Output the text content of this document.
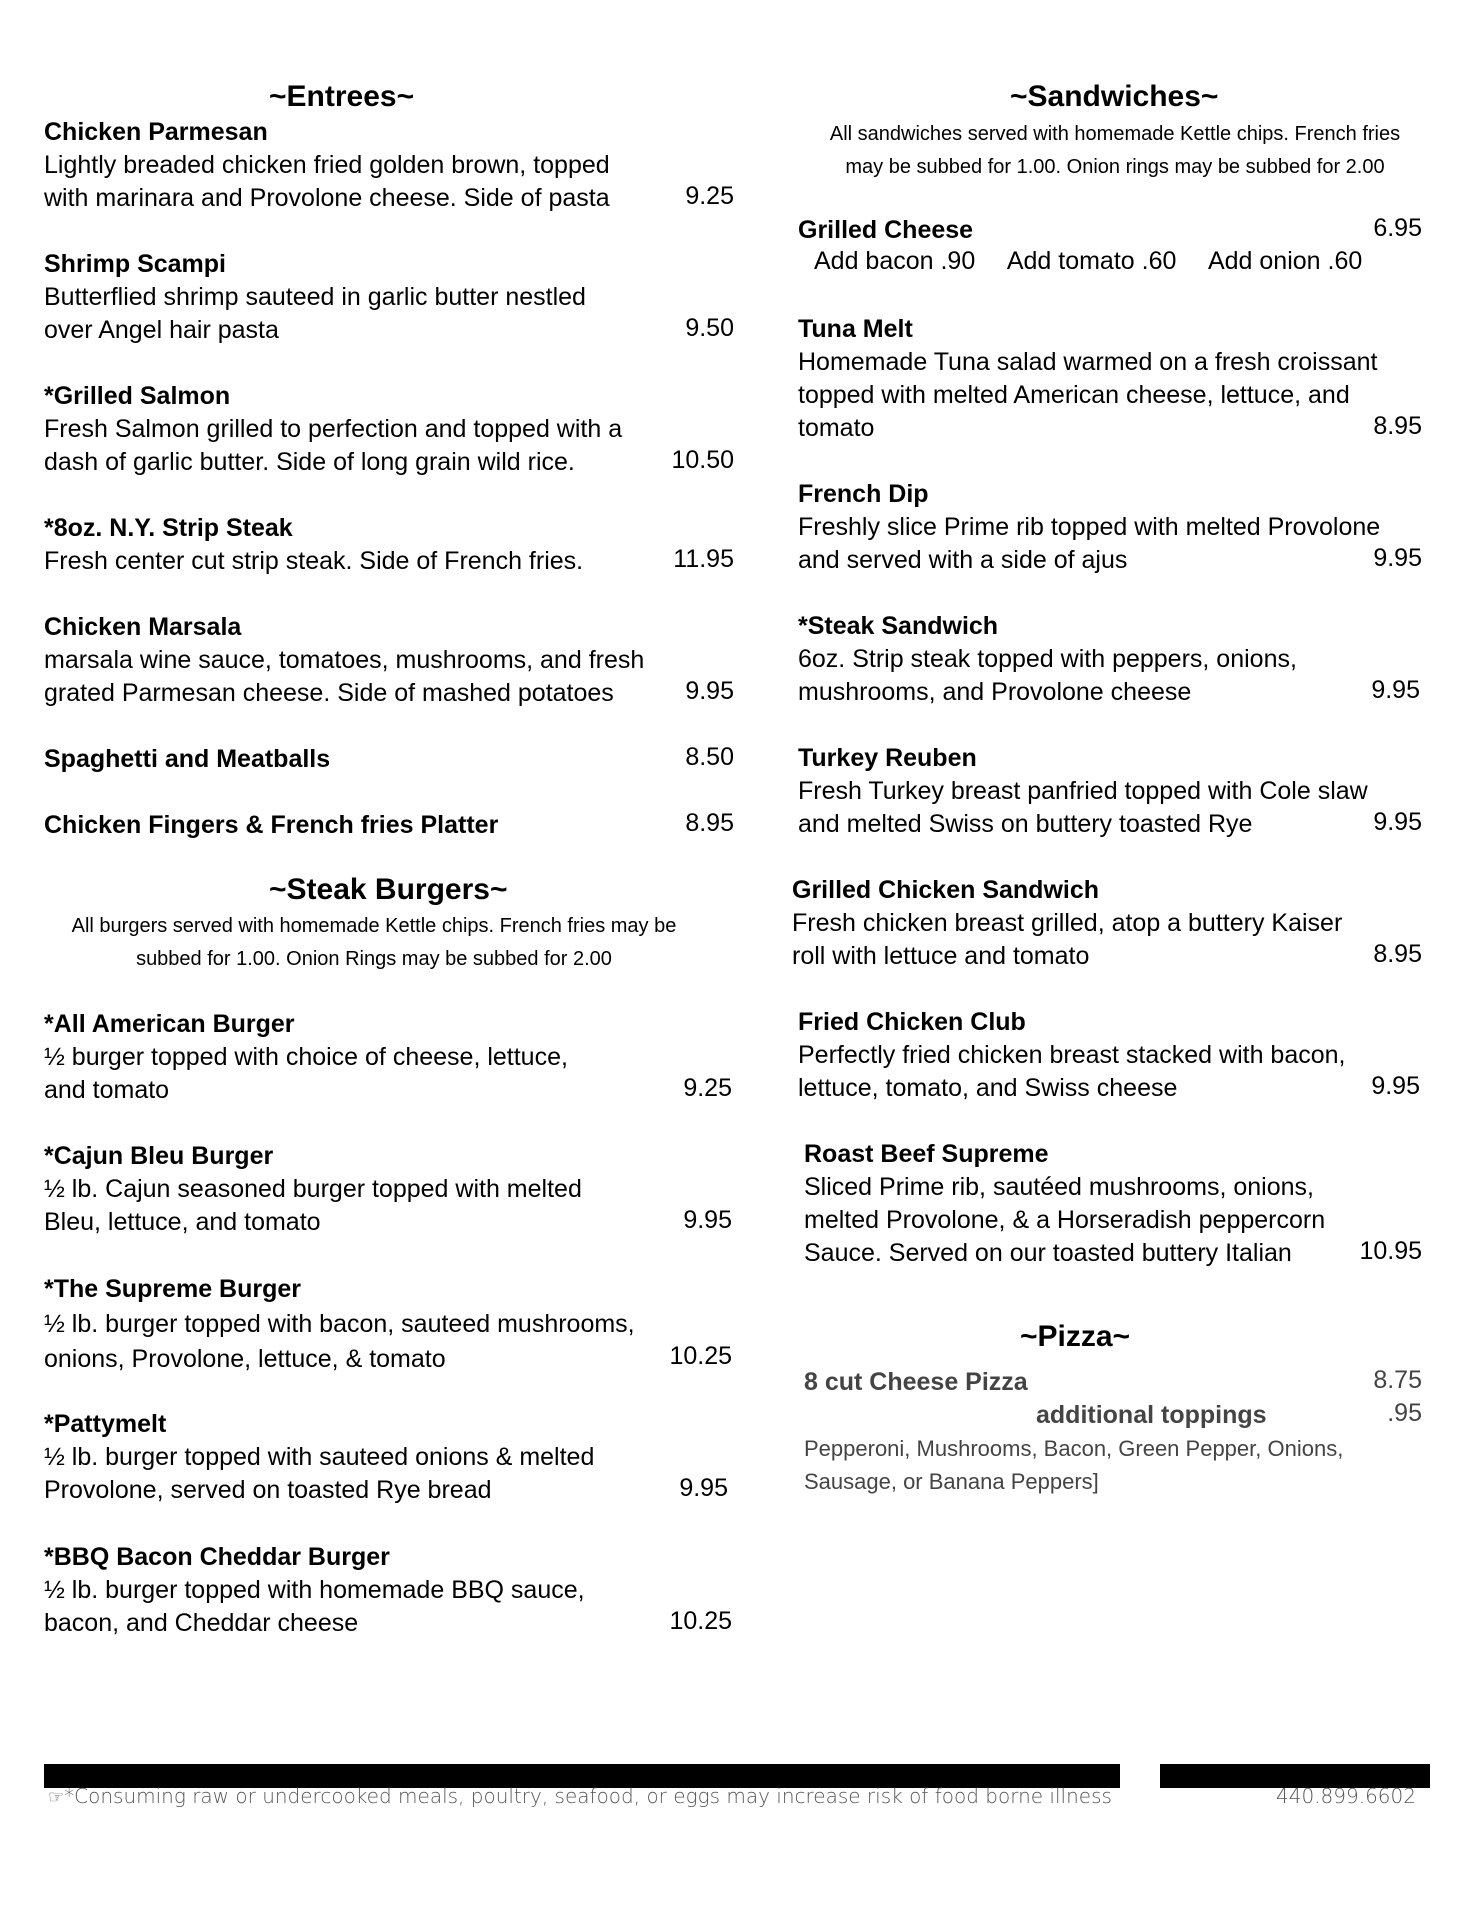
~Entrees~
Chicken Parmesan
Lightly breaded chicken fried golden brown, topped
with marinara and Provolone cheese. Side of pasta	9.25
Shrimp Scampi
Butterflied shrimp sauteed in garlic butter nestled
over Angel hair pasta	9.50
*Grilled Salmon
Fresh Salmon grilled to perfection and topped with a
dash of garlic butter. Side of long grain wild rice.	10.50
*8oz. N.Y. Strip Steak
Fresh center cut strip steak. Side of French fries.	11.95
Chicken Marsala
marsala wine sauce, tomatoes, mushrooms, and fresh
grated Parmesan cheese. Side of mashed potatoes	9.95
Spaghetti and Meatballs	8.50
Chicken Fingers & French fries Platter	8.95
~Steak Burgers~
All burgers served with homemade Kettle chips. French fries may be
subbed for 1.00. Onion Rings may be subbed for 2.00
*All American Burger
½ burger topped with choice of cheese, lettuce,
and tomato	9.25
*Cajun Bleu Burger
½ lb. Cajun seasoned burger topped with melted
Bleu, lettuce, and tomato	9.95
*The Supreme Burger
½ lb. burger topped with bacon, sauteed mushrooms,
onions, Provolone, lettuce, & tomato	10.25
*Pattymelt
½ lb. burger topped with sauteed onions & melted
Provolone, served on toasted Rye bread	9.95
*BBQ Bacon Cheddar Burger
½ lb. burger topped with homemade BBQ sauce,
bacon, and Cheddar cheese	10.25
~Sandwiches~
All sandwiches served with homemade Kettle chips. French fries
may be subbed for 1.00. Onion rings may be subbed for 2.00
Grilled Cheese	6.95
Add bacon .90 Add tomato .60 Add onion .60
Tuna Melt
Homemade Tuna salad warmed on a fresh croissant
topped with melted American cheese, lettuce, and
tomato	8.95
French Dip
Freshly slice Prime rib topped with melted Provolone
and served with a side of ajus	9.95
*Steak Sandwich
6oz. Strip steak topped with peppers, onions,
mushrooms, and Provolone cheese	9.95
Turkey Reuben
Fresh Turkey breast panfried topped with Cole slaw
and melted Swiss on buttery toasted Rye	9.95
Grilled Chicken Sandwich
Fresh chicken breast grilled, atop a buttery Kaiser
roll with lettuce and tomato	8.95
Fried Chicken Club
Perfectly fried chicken breast stacked with bacon,
lettuce, tomato, and Swiss cheese	9.95
Roast Beef Supreme
Sliced Prime rib, sautéed mushrooms, onions,
melted Provolone, & a Horseradish peppercorn
Sauce. Served on our toasted buttery Italian	10.95
~Pizza~
8 cut Cheese Pizza	8.75
additional toppings	.95
Pepperoni, Mushrooms, Bacon, Green Pepper, Onions,
Sausage, or Banana Peppers]
☞*Consuming raw or undercooked meals, poultry, seafood, or eggs may increase risk of food borne illness	440.899.6602
